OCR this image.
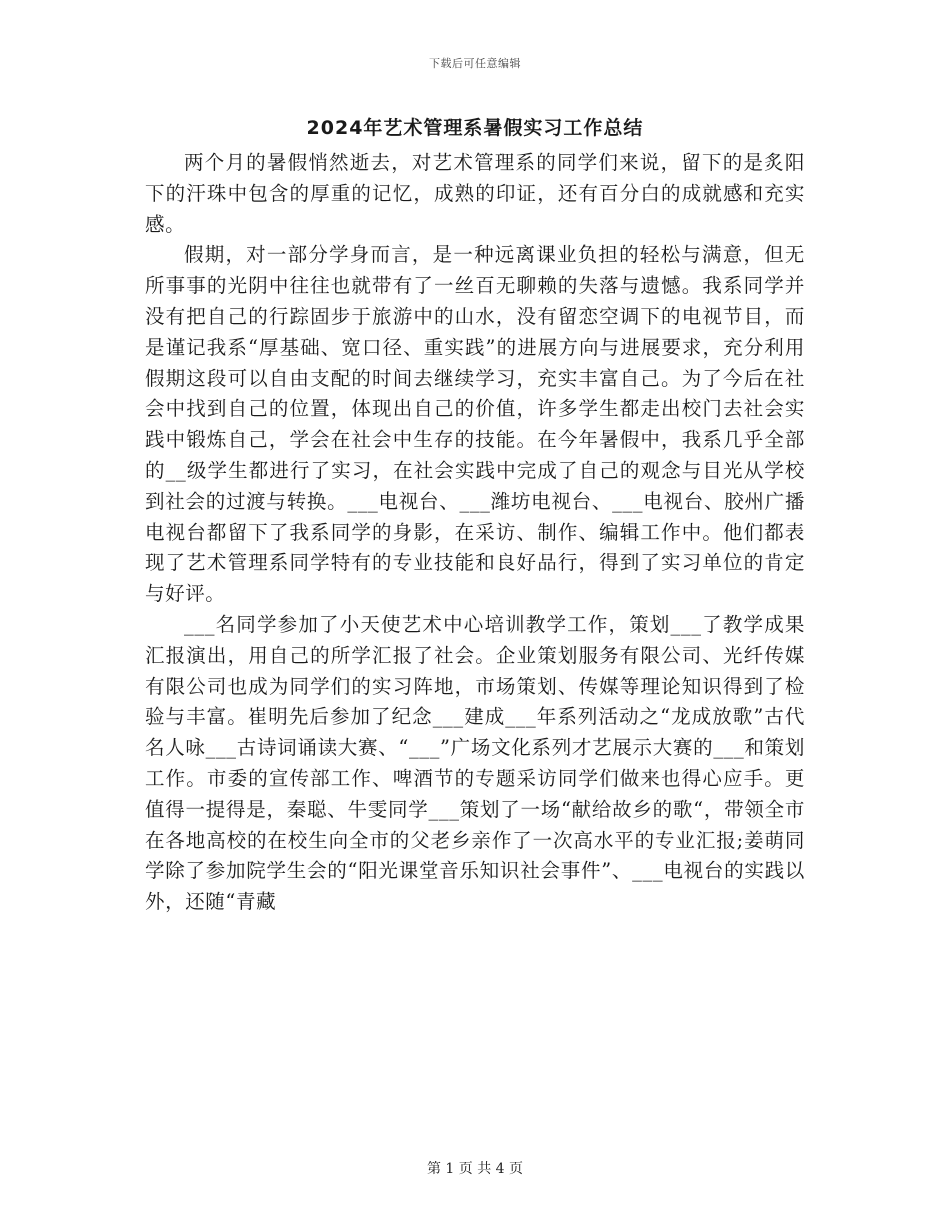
下载后可任意编辑
2024年艺术管理系暑假实习工作总结

两个月的暑假悄然逝去，对艺术管理系的同学们来说，留下的是炙阳下的汗珠中包含的厚重的记忆，成熟的印证，还有百分白的成就感和充实感。

假期，对一部分学身而言，是一种远离课业负担的轻松与满意，但无所事事的光阴中往往也就带有了一丝百无聊赖的失落与遗憾。我系同学并没有把自己的行踪固步于旅游中的山水，没有留恋空调下的电视节目，而是谨记我系“厚基础、宽口径、重实践”的进展方向与进展要求，充分利用假期这段可以自由支配的时间去继续学习，充实丰富自己。为了今后在社会中找到自己的位置，体现出自己的价值，许多学生都走出校门去社会实践中锻炼自己，学会在社会中生存的技能。在今年暑假中，我系几乎全部的__级学生都进行了实习，在社会实践中完成了自己的观念与目光从学校到社会的过渡与转换。___电视台、___潍坊电视台、___电视台、胶州广播电视台都留下了我系同学的身影，在采访、制作、编辑工作中。他们都表现了艺术管理系同学特有的专业技能和良好品行，得到了实习单位的肯定与好评。

___名同学参加了小天使艺术中心培训教学工作，策划___了教学成果汇报演出，用自己的所学汇报了社会。企业策划服务有限公司、光纤传媒有限公司也成为同学们的实习阵地，市场策划、传媒等理论知识得到了检验与丰富。崔明先后参加了纪念___建成___年系列活动之“龙成放歌”古代名人咏___古诗词诵读大赛、“___”广场文化系列才艺展示大赛的___和策划工作。市委的宣传部工作、啤酒节的专题采访同学们做来也得心应手。更值得一提得是，秦聪、牛雯同学___策划了一场“献给故乡的歌“，带领全市在各地高校的在校生向全市的父老乡亲作了一次高水平的专业汇报;姜萌同学除了参加院学生会的“阳光课堂音乐知识社会事件”、___电视台的实践以外，还随“青藏

第 1 页 共 4 页
